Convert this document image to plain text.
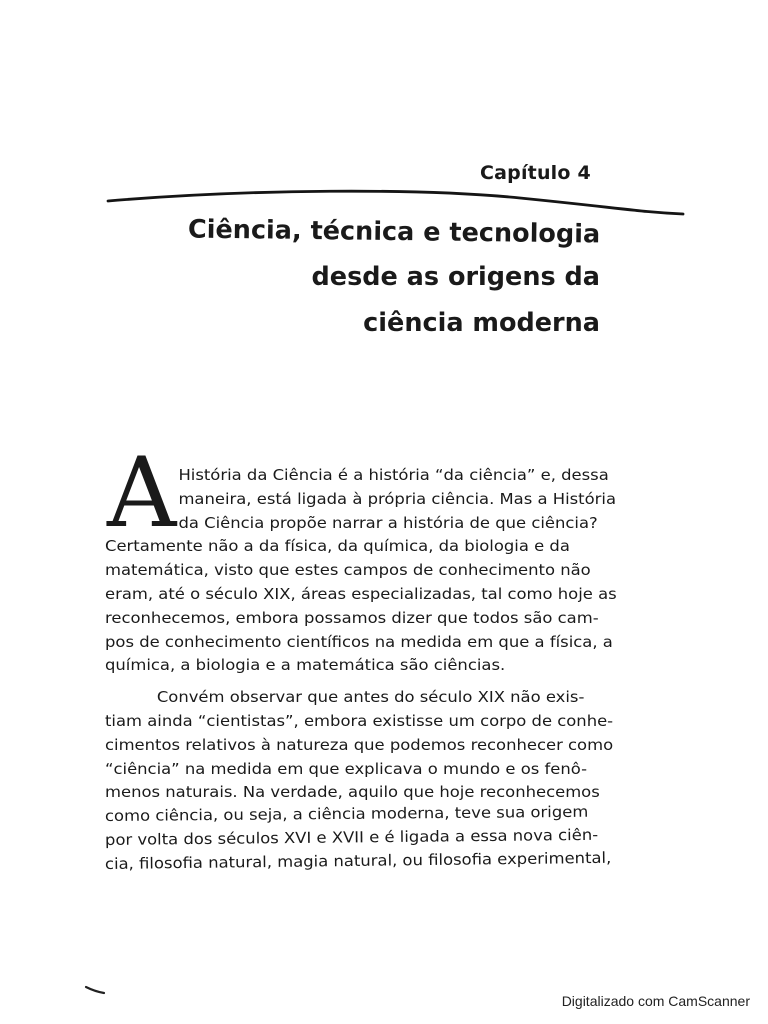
Capítulo 4
Ciência, técnica e tecnologia
desde as origens da
ciência moderna
A História da Ciência é a história “da ciência” e, dessa
maneira, está ligada à própria ciência. Mas a História
da Ciência propõe narrar a história de que ciência?
Certamente não a da física, da química, da biologia e da
matemática, visto que estes campos de conhecimento não
eram, até o século XIX, áreas especializadas, tal como hoje as
reconhecemos, embora possamos dizer que todos são cam-
pos de conhecimento científicos na medida em que a física, a
química, a biologia e a matemática são ciências.
Convém observar que antes do século XIX não exis-
tiam ainda “cientistas”, embora existisse um corpo de conhe-
cimentos relativos à natureza que podemos reconhecer como
“ciência” na medida em que explicava o mundo e os fenô-
menos naturais. Na verdade, aquilo que hoje reconhecemos
como ciência, ou seja, a ciência moderna, teve sua origem
por volta dos séculos XVI e XVII e é ligada a essa nova ciên-
cia, filosofia natural, magia natural, ou filosofia experimental,
Digitalizado com CamScanner
